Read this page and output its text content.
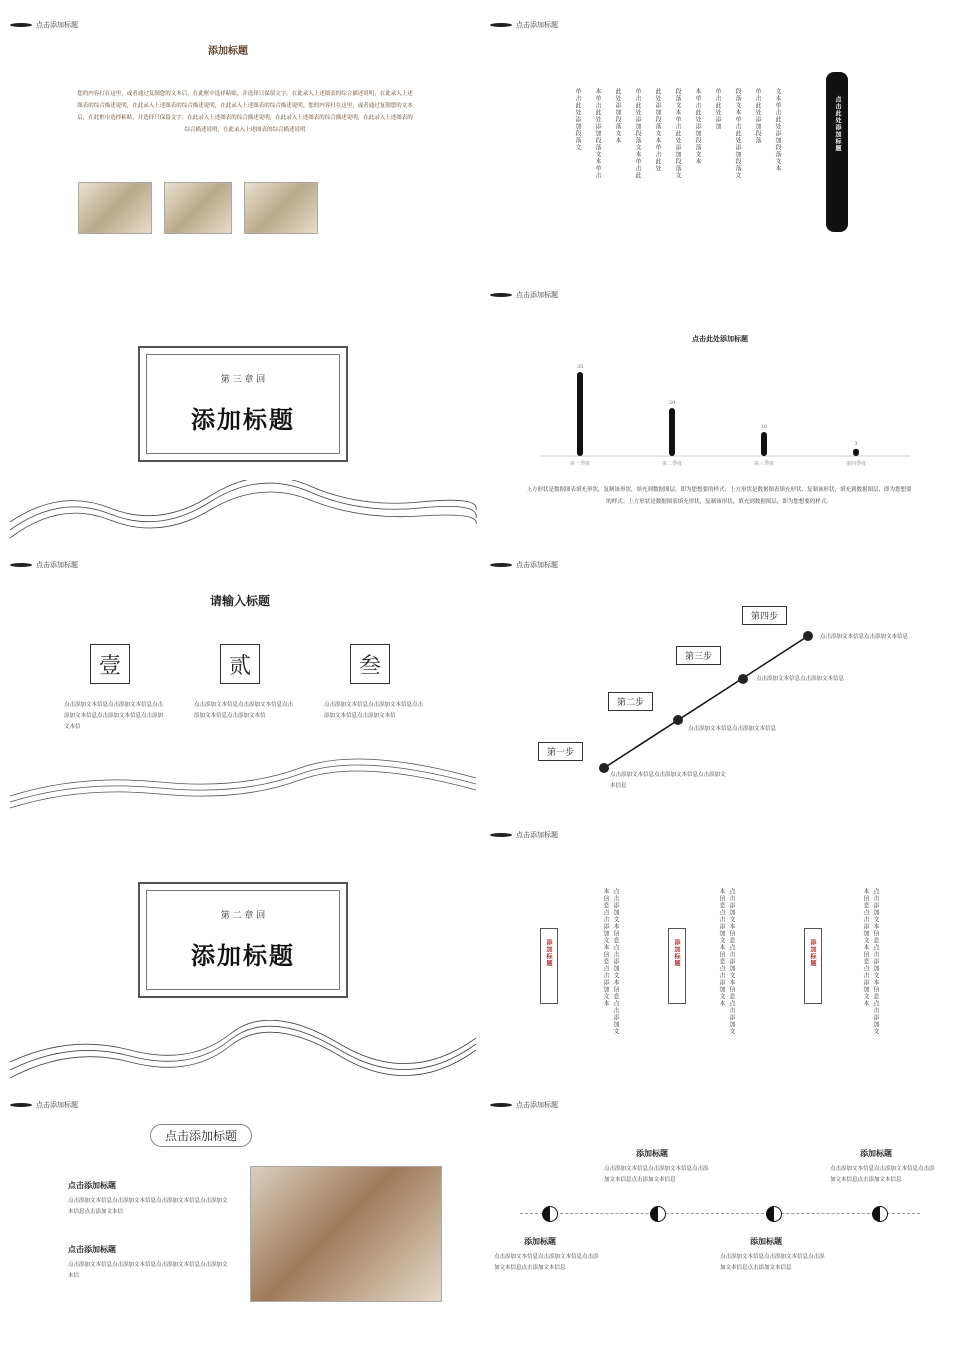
点击添加标题
添加标题
您的内容打在这里，或者通过复制您的文本后，在此框中选择粘贴，并选择只保留文字。在此录入上述图表的综合描述说明，在此录入上述图表的综合描述说明，在此录入上述图表的综合描述说明，在此录入上述图表的综合描述说明。您的内容打在这里，或者通过复制您的文本后，在此框中选择粘贴，并选择只保留文字。在此录入上述图表的综合描述说明，在此录入上述图表的综合描述说明，在此录入上述图表的综合描述说明，在此录入上述图表的综合描述说明
点击添加标题
文本单击此处添加段落文本
单击此处添加段落
段落文本单击此处添加段落文
单击此处添加
本单击此处添加段落文本
段落文本单击此处添加段落文
此处添加段落文本单击此处
单击此处添加段落文本单击此
此处添加段落文本
本单击此处添加段落文本单击
单击此处添加段落文	点击此处添加标题
第 三 章 回
添加标题
点击添加标题
点击此处添加标题
35
第一季度
20
第二季度
10
第三季度
3
第四季度
上方形状是数据图表填充形状，复制该形状，填充到数据图层，即为您想要的样式；上方形状是数据图表填充形状，复制该形状，填充到数据图层，即为您想要的样式；上方形状是数据图表填充形状，复制该形状，填充到数据图层，即为您想要的样式。
点击添加标题
请输入标题
壹	贰	叁
点击添加文本信息点击添加文本信息点击添加文本信息点击添加文本信息点击添加文本信
点击添加文本信息点击添加文本信息点击添加文本信息点击添加文本信
点击添加文本信息点击添加文本信息点击添加文本信息点击添加文本信
点击添加标题
第一步
第二步
第三步
第四步
点击添加文本信息点击添加文本信息点击添加文本信息
点击添加文本信息点击添加文本信息
点击添加文本信息点击添加文本信息
点击添加文本信息点击添加文本信息
第 二 章 回
添加标题
点击添加标题
添加标题	添加标题	添加标题
点击添加文本信息点击添加文本信息点击添加文本信息点击添加文本信息点击添加文本	点击添加文本信息点击添加文本信息点击添加文本信息点击添加文本信息点击添加文本	点击添加文本信息点击添加文本信息点击添加文本信息点击添加文本信息点击添加文本
点击添加标题
点击添加标题
点击添加标题
点击添加文本信息点击添加文本信息点击添加文本信息点击添加文本信息点击添加文本信
点击添加标题
点击添加文本信息点击添加文本信息点击添加文本信息点击添加文本信
点击添加标题
添加标题
点击添加文本信息点击添加文本信息点击添加文本信息点击添加文本信息
添加标题
点击添加文本信息点击添加文本信息点击添加文本信息点击添加文本信息
添加标题
点击添加文本信息点击添加文本信息点击添加文本信息点击添加文本信息
添加标题
点击添加文本信息点击添加文本信息点击添加文本信息点击添加文本信息
